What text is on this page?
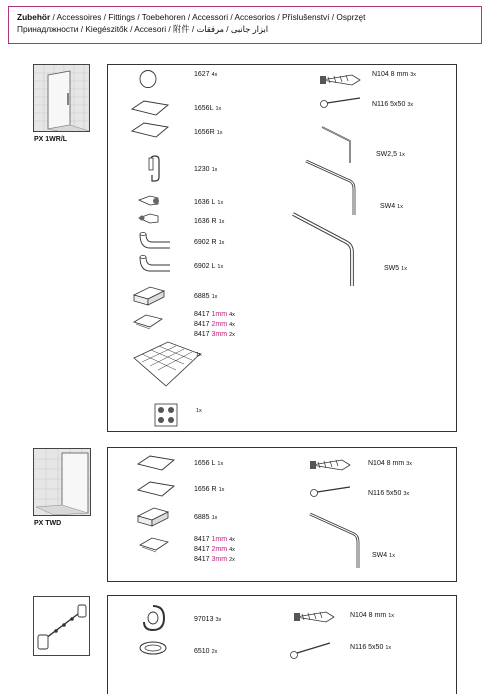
Zubehör / Accessoires / Fittings / Toebehoren / Accessori / Accesorios / Příslušenství / Osprzęt
Принадлжности / Kiegészitők / Accesori / 附件 / ابزار جانبی / مرفقات
PX 1WR/L
1627 4x
1656L 1x
1656R 1x
1230 1x
1636 L 1x
1636 R 1x
6902 R 1x
6902 L 1x
6885 1x
8417 1mm 4x
8417 2mm 4x
8417 3mm 2x
1x
1x
N104 8 mm 3x
N116 5x50 3x
SW2,5 1x
SW4 1x
SW5 1x
PX TWD
1656 L 1x
1656 R 1x
6885 1x
8417 1mm 4x
8417 2mm 4x
8417 3mm 2x
N104 8 mm 3x
N116 5x50 3x
SW4 1x
97013 3x
6510 2x
N104 8 mm 1x
N116 5x50 1x
